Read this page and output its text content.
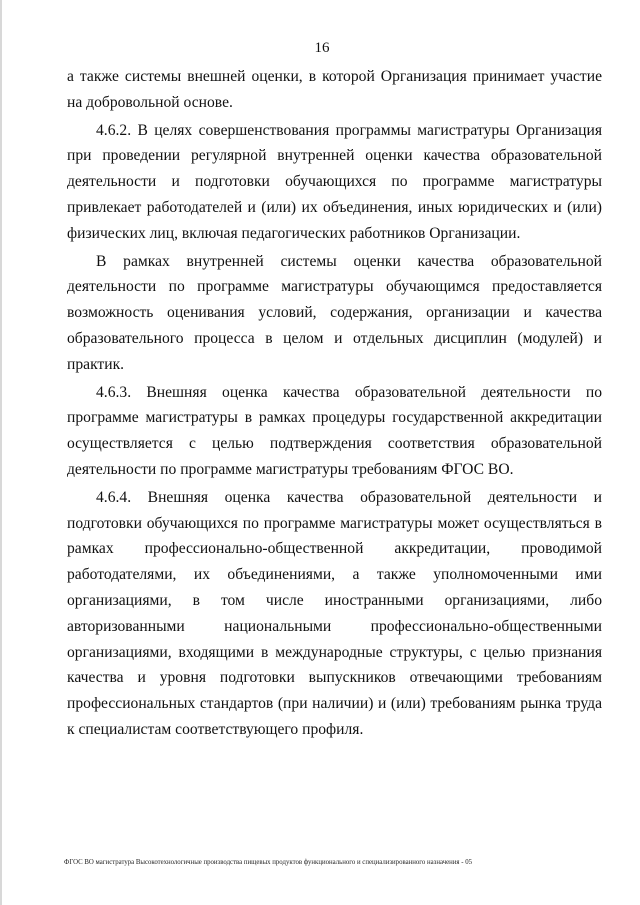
16

а также системы внешней оценки, в которой Организация принимает участие на добровольной основе.

4.6.2. В целях совершенствования программы магистратуры Организация при проведении регулярной внутренней оценки качества образовательной деятельности и подготовки обучающихся по программе магистратуры привлекает работодателей и (или) их объединения, иных юридических и (или) физических лиц, включая педагогических работников Организации.

В рамках внутренней системы оценки качества образовательной деятельности по программе магистратуры обучающимся предоставляется возможность оценивания условий, содержания, организации и качества образовательного процесса в целом и отдельных дисциплин (модулей) и практик.

4.6.3. Внешняя оценка качества образовательной деятельности по программе магистратуры в рамках процедуры государственной аккредитации осуществляется с целью подтверждения соответствия образовательной деятельности по программе магистратуры требованиям ФГОС ВО.

4.6.4. Внешняя оценка качества образовательной деятельности и подготовки обучающихся по программе магистратуры может осуществляться в рамках профессионально-общественной аккредитации, проводимой работодателями, их объединениями, а также уполномоченными ими организациями, в том числе иностранными организациями, либо авторизованными национальными профессионально-общественными организациями, входящими в международные структуры, с целью признания качества и уровня подготовки выпускников отвечающими требованиям профессиональных стандартов (при наличии) и (или) требованиям рынка труда к специалистам соответствующего профиля.

ФГОС ВО магистратура Высокотехнологичные производства пищевых продуктов функционального и специализированного назначения - 05
